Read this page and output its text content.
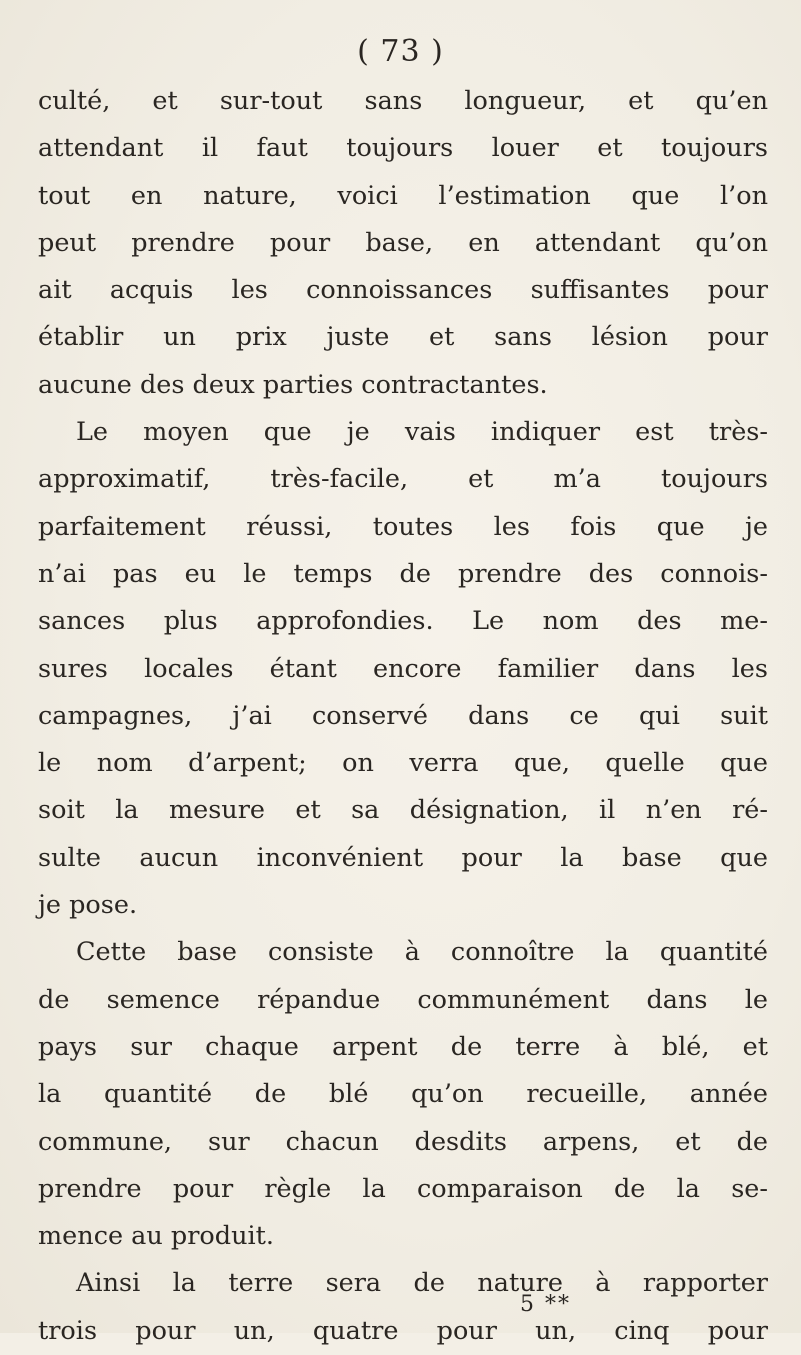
( 73 )
culté, et sur-tout sans longueur, et qu’en
attendant il faut toujours louer et toujours
tout en nature, voici l’estimation que l’on
peut prendre pour base, en attendant qu’on
ait acquis les connoissances suffisantes pour
établir un prix juste et sans lésion pour
aucune des deux parties contractantes.
Le moyen que je vais indiquer est très-
approximatif, très-facile, et m’a toujours
parfaitement réussi, toutes les fois que je
n’ai pas eu le temps de prendre des connois-
sances plus approfondies. Le nom des me-
sures locales étant encore familier dans les
campagnes, j’ai conservé dans ce qui suit
le nom d’arpent; on verra que, quelle que
soit la mesure et sa désignation, il n’en ré-
sulte aucun inconvénient pour la base que
je pose.
Cette base consiste à connoître la quantité
de semence répandue communément dans le
pays sur chaque arpent de terre à blé, et
la quantité de blé qu’on recueille, année
commune, sur chacun desdits arpens, et de
prendre pour règle la comparaison de la se-
mence au produit.
Ainsi la terre sera de nature à rapporter
trois pour un, quatre pour un, cinq pour
5 **
